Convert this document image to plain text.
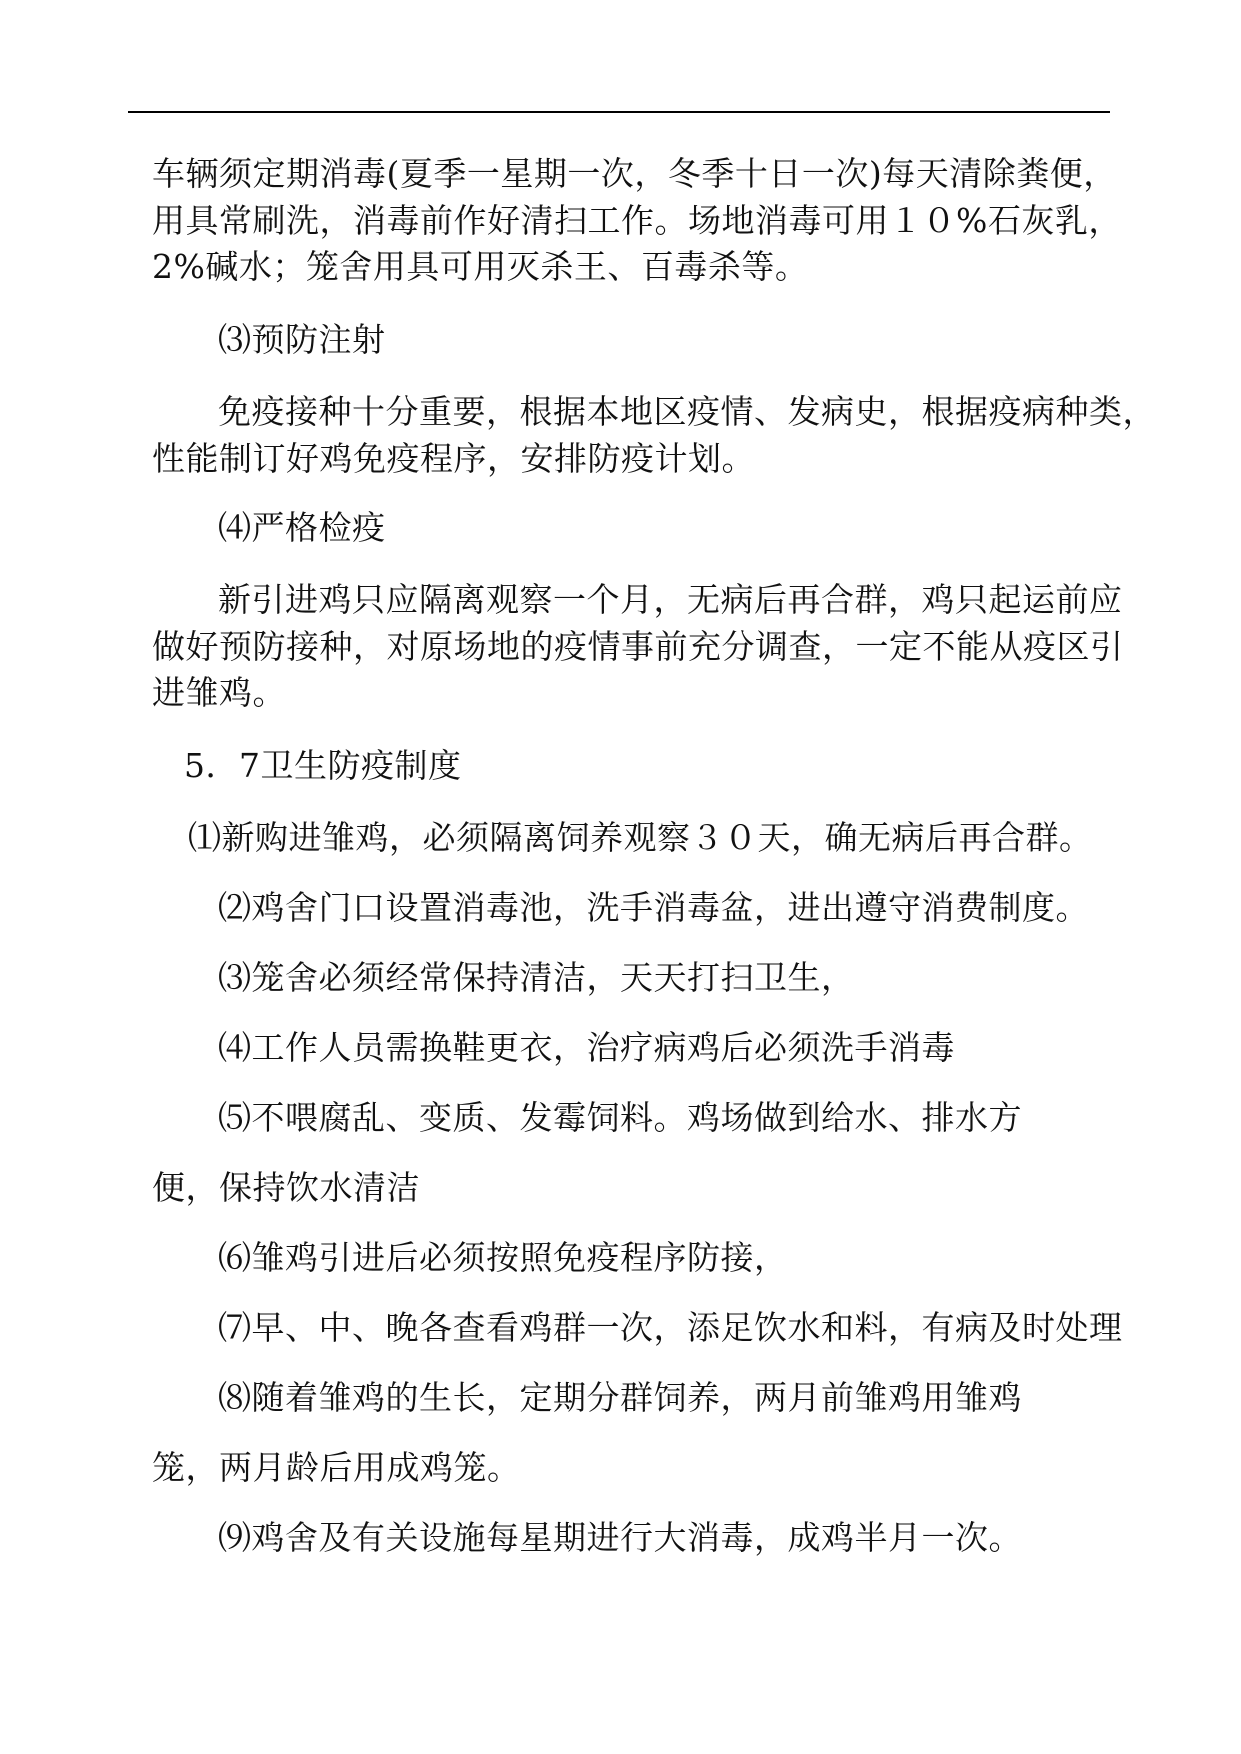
车辆须定期消毒(夏季一星期一次，冬季十日一次)每天清除粪便，
用具常刷洗，消毒前作好清扫工作。场地消毒可用１０%石灰乳，
2%碱水；笼舍用具可用灭杀王、百毒杀等。
⑶预防注射
免疫接种十分重要，根据本地区疫情、发病史，根据疫病种类，
性能制订好鸡免疫程序，安排防疫计划。
⑷严格检疫
新引进鸡只应隔离观察一个月，无病后再合群，鸡只起运前应
做好预防接种，对原场地的疫情事前充分调查，一定不能从疫区引
进雏鸡。
5．7卫生防疫制度
⑴新购进雏鸡，必须隔离饲养观察３０天，确无病后再合群。
⑵鸡舍门口设置消毒池，洗手消毒盆，进出遵守消费制度。
⑶笼舍必须经常保持清洁，天天打扫卫生，
⑷工作人员需换鞋更衣，治疗病鸡后必须洗手消毒
⑸不喂腐乱、变质、发霉饲料。鸡场做到给水、排水方
便，保持饮水清洁
⑹雏鸡引进后必须按照免疫程序防接，
⑺早、中、晚各查看鸡群一次，添足饮水和料，有病及时处理
⑻随着雏鸡的生长，定期分群饲养，两月前雏鸡用雏鸡
笼，两月龄后用成鸡笼。
⑼鸡舍及有关设施每星期进行大消毒，成鸡半月一次。
